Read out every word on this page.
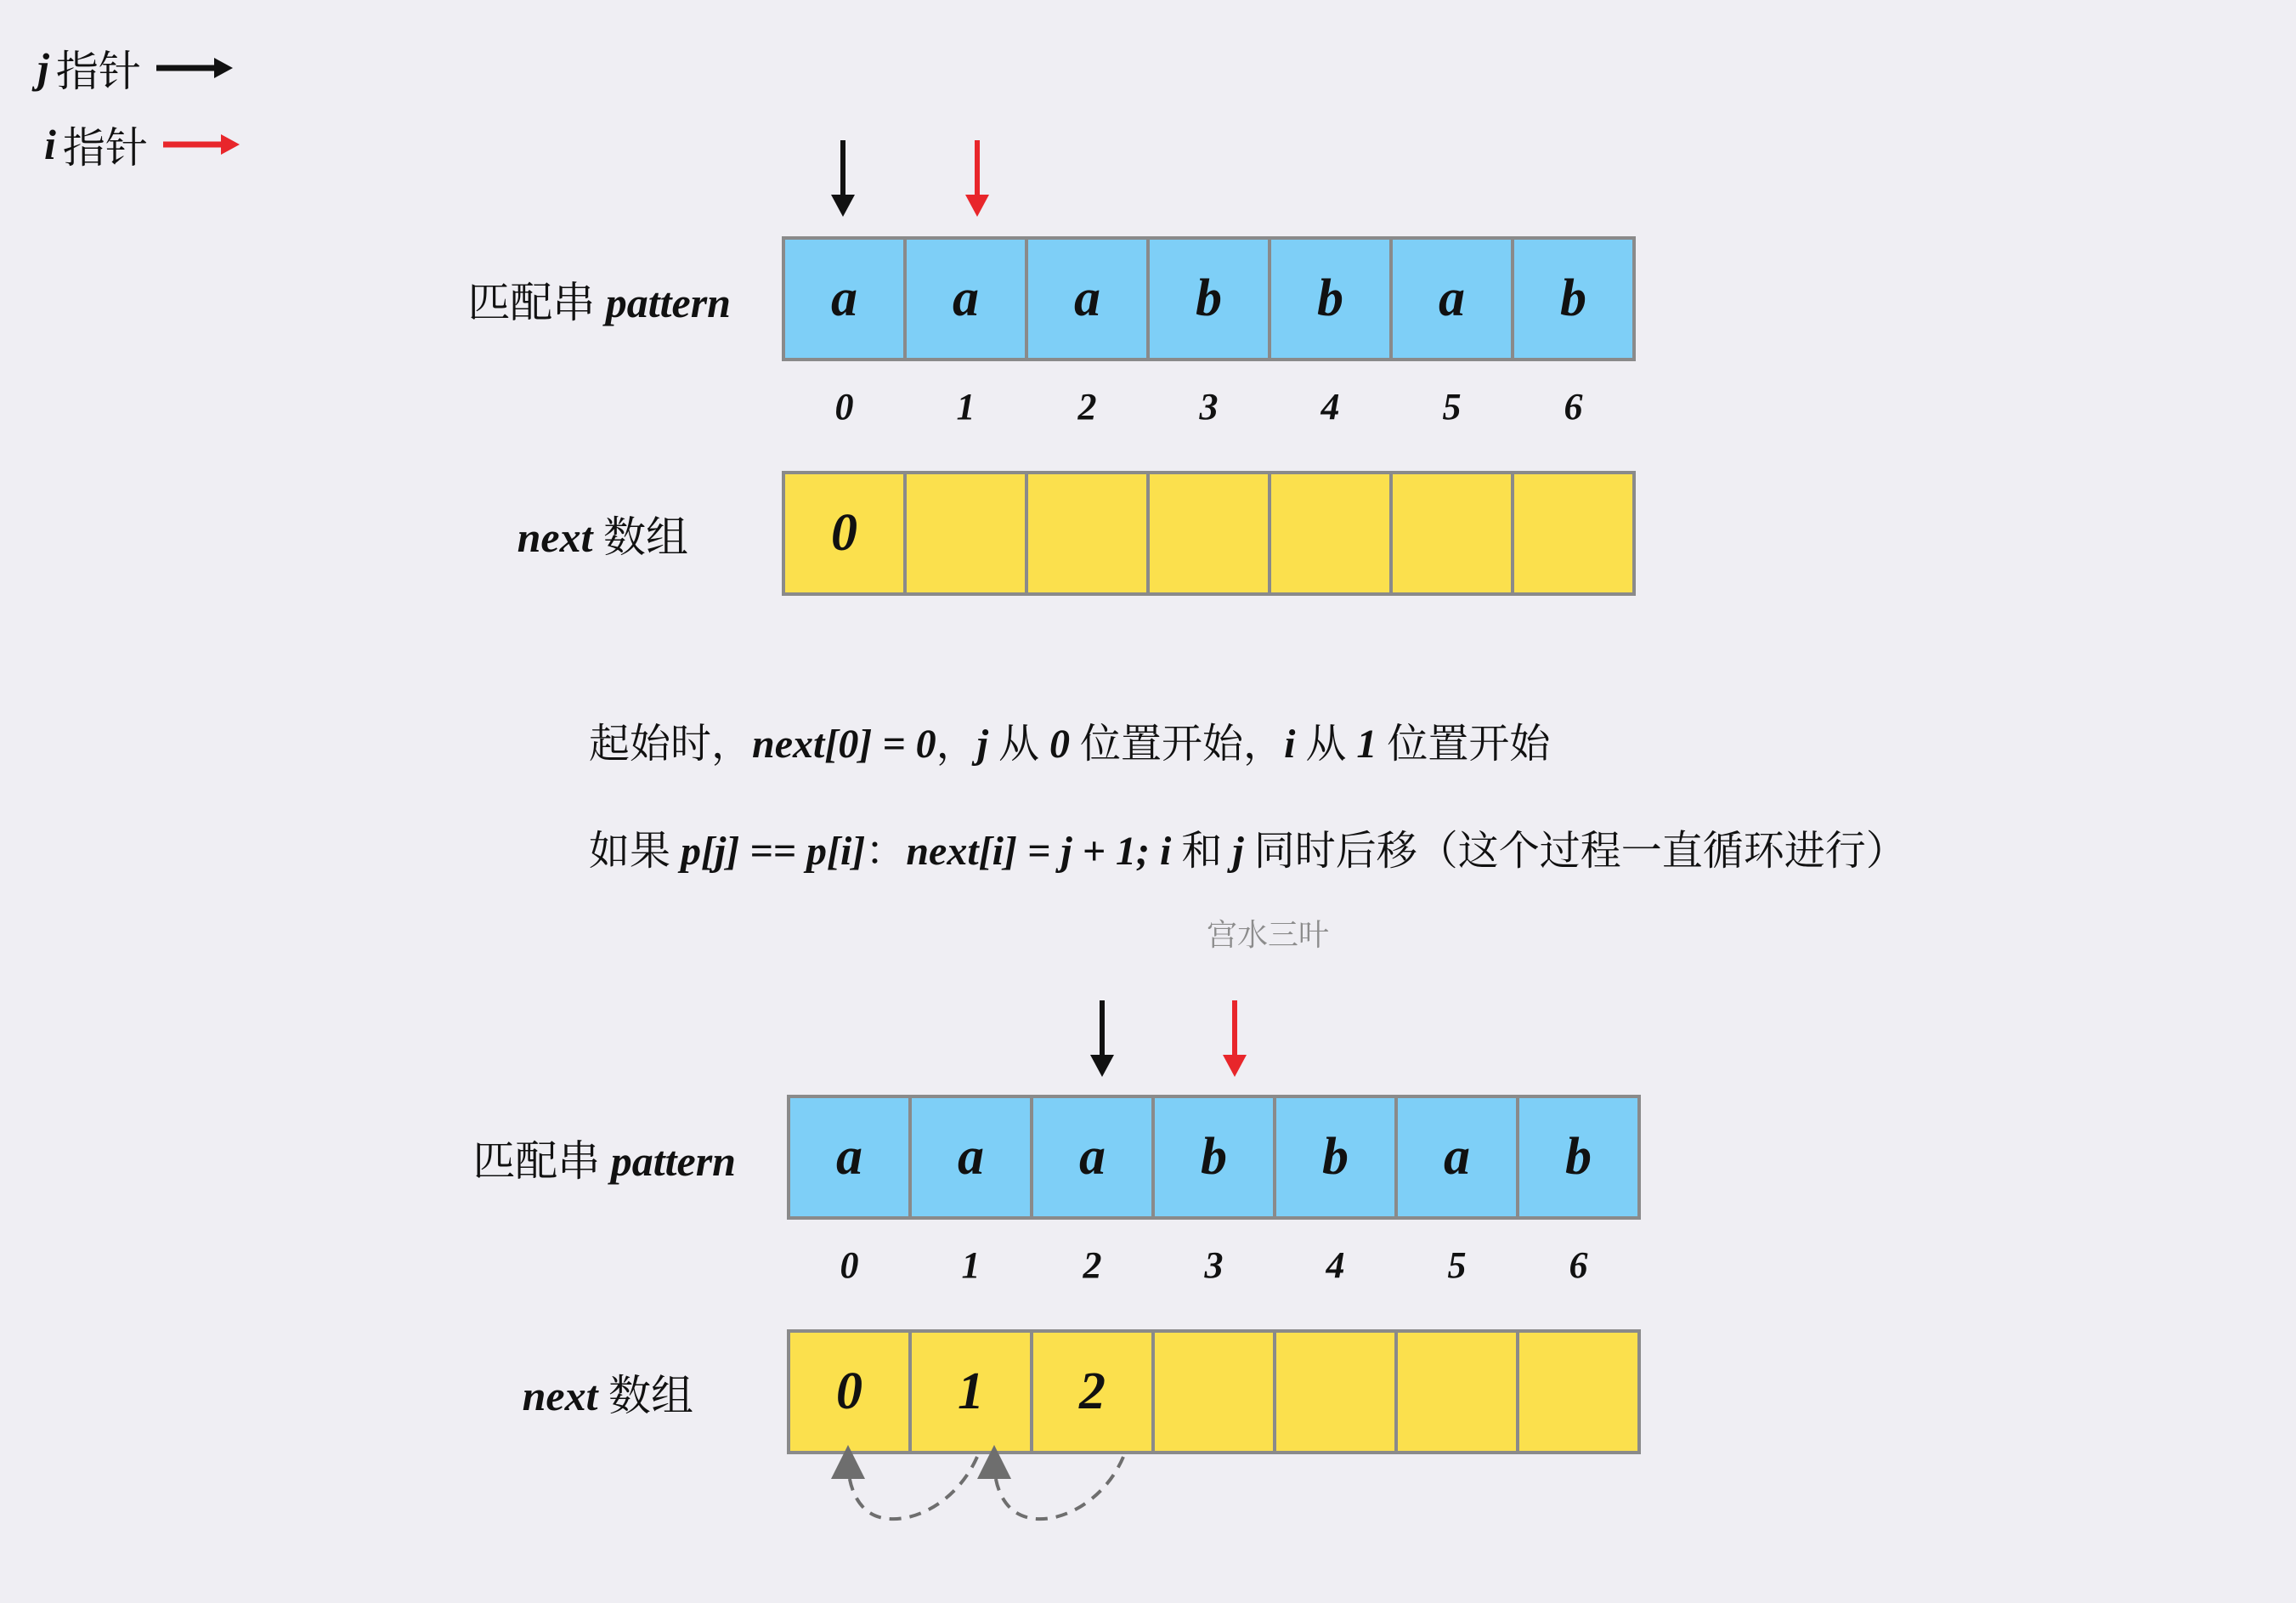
j 指针
i 指针
匹配串 pattern	a	a	a	b	b	a	b
0	1	2	3	4	5	6
next 数组	0
起始时，next[0] = 0，j 从 0 位置开始，i 从 1 位置开始
如果 p[j] == p[i]：next[i] = j + 1; i 和 j 同时后移（这个过程一直循环进行）
宫水三叶
匹配串 pattern	a	a	a	b	b	a	b
0	1	2	3	4	5	6
next 数组	0	1	2
